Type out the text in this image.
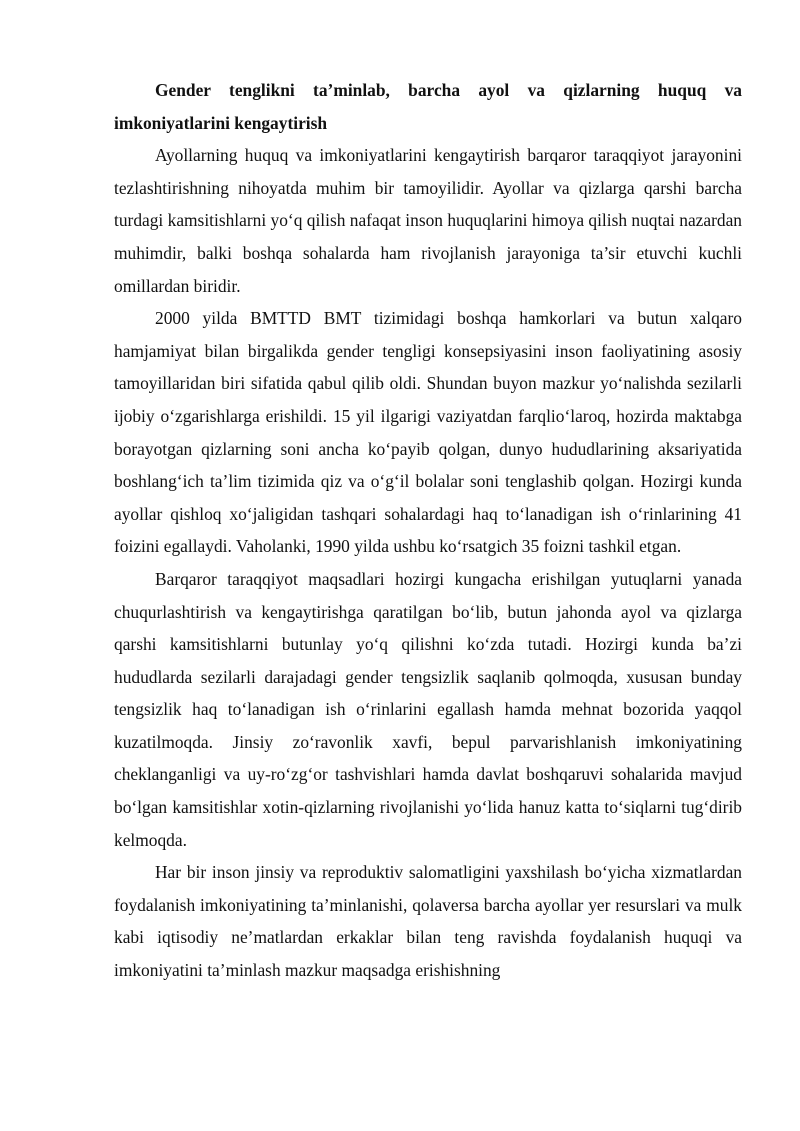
Gender tenglikni ta’minlab, barcha ayol va qizlarning huquq va imkoniyatlarini kengaytirish

Ayollarning huquq va imkoniyatlarini kengaytirish barqaror taraqqiyot jarayonini tezlashtirishning nihoyatda muhim bir tamoyilidir. Ayollar va qizlarga qarshi barcha turdagi kamsitishlarni yo‘q qilish nafaqat inson huquqlarini himoya qilish nuqtai nazardan muhimdir, balki boshqa sohalarda ham rivojlanish jarayoniga ta’sir etuvchi kuchli omillardan biridir.

2000 yilda BMTTD BMT tizimidagi boshqa hamkorlari va butun xalqaro hamjamiyat bilan birgalikda gender tengligi konsepsiyasini inson faoliyatining asosiy tamoyillaridan biri sifatida qabul qilib oldi. Shundan buyon mazkur yo‘nalishda sezilarli ijobiy o‘zgarishlarga erishildi. 15 yil ilgarigi vaziyatdan farqlio‘laroq, hozirda maktabga borayotgan qizlarning soni ancha ko‘payib qolgan, dunyo hududlarining aksariyatida boshlang‘ich ta’lim tizimida qiz va o‘g‘il bolalar soni tenglashib qolgan. Hozirgi kunda ayollar qishloq xo‘jaligidan tashqari sohalardagi haq to‘lanadigan ish o‘rinlarining 41 foizini egallaydi. Vaholanki, 1990 yilda ushbu ko‘rsatgich 35 foizni tashkil etgan.

Barqaror taraqqiyot maqsadlari hozirgi kungacha erishilgan yutuqlarni yanada chuqurlashtirish va kengaytirishga qaratilgan bo‘lib, butun jahonda ayol va qizlarga qarshi kamsitishlarni butunlay yo‘q qilishni ko‘zda tutadi. Hozirgi kunda ba’zi hududlarda sezilarli darajadagi gender tengsizlik saqlanib qolmoqda, xususan bunday tengsizlik haq to‘lanadigan ish o‘rinlarini egallash hamda mehnat bozorida yaqqol kuzatilmoqda. Jinsiy zo‘ravonlik xavfi, bepul parvarishlanish imkoniyatining cheklanganligi va uy-ro‘zg‘or tashvishlari hamda davlat boshqaruvi sohalarida mavjud bo‘lgan kamsitishlar xotin-qizlarning rivojlanishi yo‘lida hanuz katta to‘siqlarni tug‘dirib kelmoqda.

Har bir inson jinsiy va reproduktiv salomatligini yaxshilash bo‘yicha xizmatlardan foydalanish imkoniyatining ta’minlanishi, qolaversa barcha ayollar yer resurslari va mulk kabi iqtisodiy ne’matlardan erkaklar bilan teng ravishda foydalanish huquqi va imkoniyatini ta’minlash mazkur maqsadga erishishning
